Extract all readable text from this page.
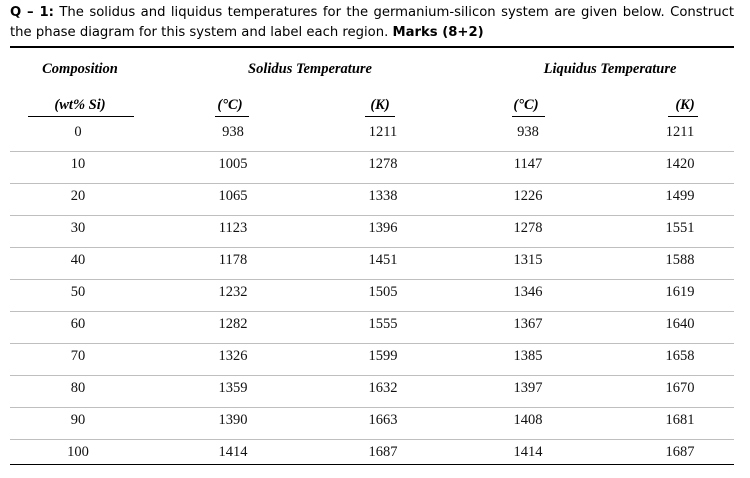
Q – 1: The solidus and liquidus temperatures for the germanium-silicon system are given below. Construct the phase diagram for this system and label each region. Marks (8+2)
Composition	Solidus Temperature	Liquidus Temperature
(wt% Si)	(°C)	(K)	(°C)	(K)
0	938	1211	938	1211
10	1005	1278	1147	1420
20	1065	1338	1226	1499
30	1123	1396	1278	1551
40	1178	1451	1315	1588
50	1232	1505	1346	1619
60	1282	1555	1367	1640
70	1326	1599	1385	1658
80	1359	1632	1397	1670
90	1390	1663	1408	1681
100	1414	1687	1414	1687
